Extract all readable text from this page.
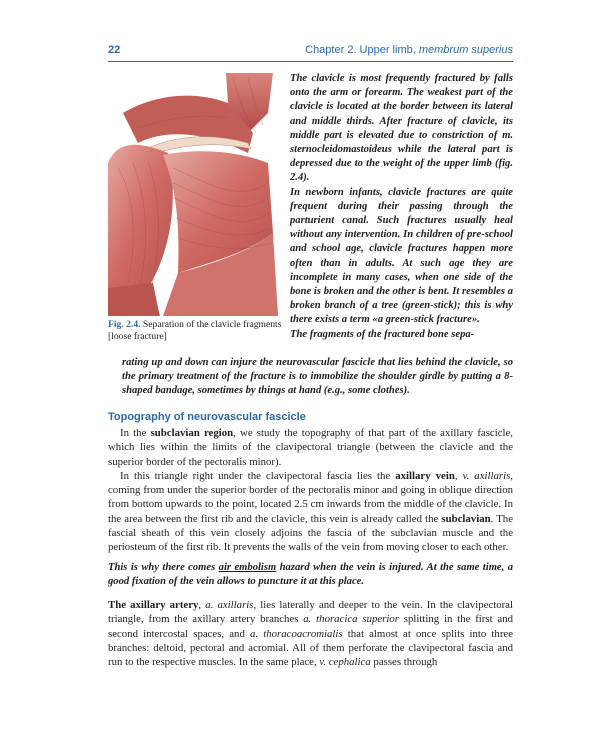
22	Chapter 2. Upper limb, membrum superius
Fig. 2.4. Separation of the clavicle fragments [loose fracture]

The clavicle is most frequently fractured by falls onto the arm or forearm. The weakest part of the clavicle is located at the border between its lateral and middle thirds. After fracture of clavicle, its middle part is elevated due to constriction of m. sternocleidomastoideus while the lateral part is depressed due to the weight of the upper limb (fig. 2.4).

In newborn infants, clavicle fractures are quite frequent during their passing through the parturient canal. Such fractures usually heal without any intervention. In children of pre-school and school age, clavicle fractures happen more often than in adults. At such age they are incomplete in many cases, when one side of the bone is broken and the other is bent. It resembles a broken branch of a tree (green-stick); this is why there exists a term «a green-stick fracture».

The fragments of the fractured bone sepa-

rating up and down can injure the neurovascular fascicle that lies behind the clavicle, so the primary treatment of the fracture is to immobilize the shoulder girdle by putting a 8-shaped bandage, sometimes by things at hand (e.g., some clothes).
Topography of neurovascular fascicle

In the subclavian region, we study the topography of that part of the axillary fascicle, which lies within the limits of the clavipectoral triangle (between the clavicle and the superior border of the pectoralis minor).

In this triangle right under the clavipectoral fascia lies the axillary vein, v. axillaris, coming from under the superior border of the pectoralis minor and going in oblique direction from bottom upwards to the point, located 2.5 cm inwards from the middle of the clavicle. In the area between the first rib and the clavicle, this vein is already called the subclavian. The fascial sheath of this vein closely adjoins the fascia of the subclavian muscle and the periosteum of the first rib. It prevents the walls of the vein from moving closer to each other.

This is why there comes air embolism hazard when the vein is injured. At the same time, a good fixation of the vein allows to puncture it at this place.

The axillary artery, a. axillaris, lies laterally and deeper to the vein. In the clavipectoral triangle, from the axillary artery branches a. thoracica superior splitting in the first and second intercostal spaces, and a. thoracoacromialis that almost at once splits into three branches: deltoid, pectoral and acromial. All of them perforate the clavipectoral fascia and run to the respective muscles. In the same place, v. cephalica passes through
